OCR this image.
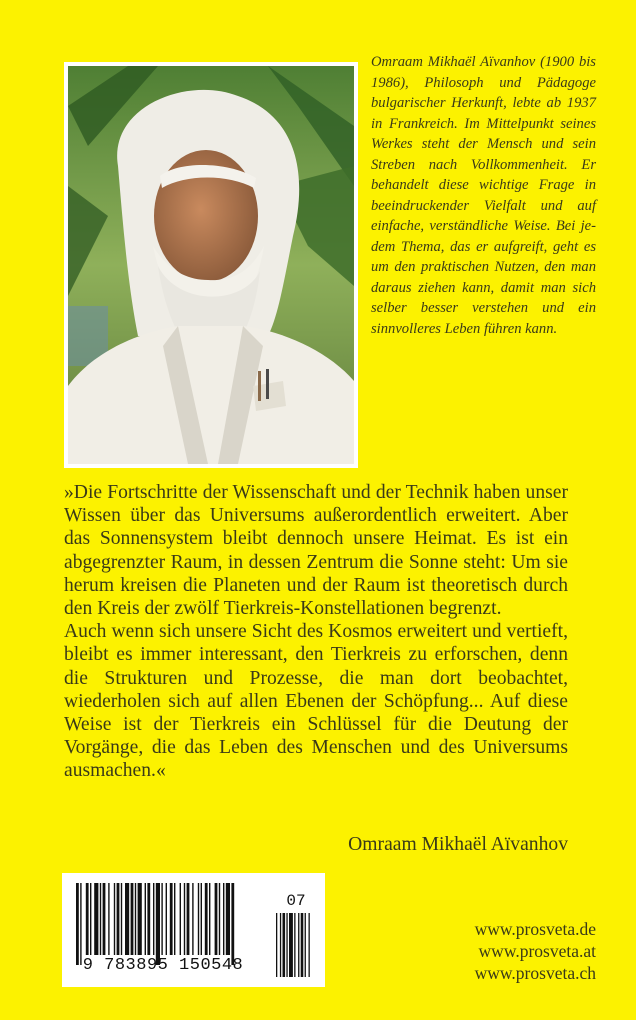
Omraam Mikhaël Aïvanhov (1900 bis 1986), Philosoph und Pädagoge bulgarischer Herkunft, lebte ab 1937 in Frankreich. Im Mittelpunkt seines Werkes steht der Mensch und sein Streben nach Vollkommenheit. Er behandelt diese wichtige Frage in beeindruckender Vielfalt und auf einfache, verständliche Weise. Bei jedem Thema, das er aufgreift, geht es um den praktischen Nutzen, den man daraus ziehen kann, damit man sich selber besser verstehen und ein sinnvolleres Leben führen kann.

»Die Fortschritte der Wissenschaft und der Technik haben unser Wissen über das Universums außerordentlich erweitert. Aber das Sonnensystem bleibt dennoch unsere Heimat. Es ist ein abgegrenzter Raum, in dessen Zentrum die Sonne steht: Um sie herum kreisen die Planeten und der Raum ist theoretisch durch den Kreis der zwölf Tierkreis-Konstellationen begrenzt.

Auch wenn sich unsere Sicht des Kosmos erweitert und vertieft, bleibt es immer interessant, den Tierkreis zu erforschen, denn die Strukturen und Prozesse, die man dort beobachtet, wiederholen sich auf allen Ebenen der Schöpfung... Auf diese Weise ist der Tierkreis ein Schlüssel für die Deutung der Vorgänge, die das Leben des Menschen und des Universums ausmachen.«

Omraam Mikhaël Aïvanhov

9 783895 150548
07
www.prosveta.de
www.prosveta.at
www.prosveta.ch
